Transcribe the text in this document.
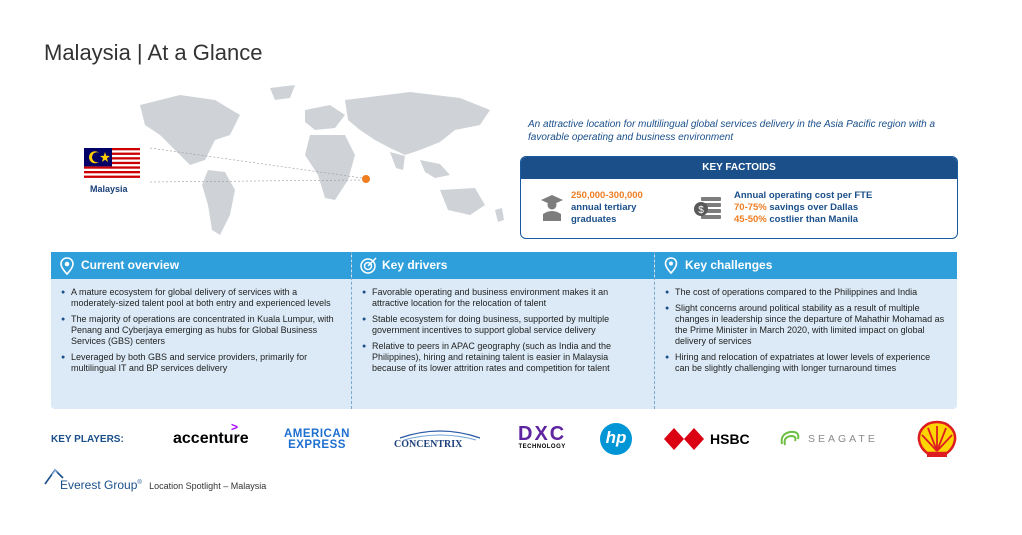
Malaysia | At a Glance
Malaysia
An attractive location for multilingual global services delivery in the Asia Pacific region with a favorable operating and business environment
KEY FACTOIDS
250,000-300,000
annual tertiary
graduates
$
Annual operating cost per FTE
70-75% savings over Dallas
45-50% costlier than Manila
Current overview
● A mature ecosystem for global delivery of services with a moderately-sized talent pool at both entry and experienced levels
● The majority of operations are concentrated in Kuala Lumpur, with Penang and Cyberjaya emerging as hubs for Global Business Services (GBS) centers
● Leveraged by both GBS and service providers, primarily for multilingual IT and BP services delivery
Key drivers
● Favorable operating and business environment makes it an attractive location for the relocation of talent
● Stable ecosystem for doing business, supported by multiple government incentives to support global service delivery
● Relative to peers in APAC geography (such as India and the Philippines), hiring and retaining talent is easier in Malaysia because of its lower attrition rates and competition for talent
Key challenges
● The cost of operations compared to the Philippines and India
● Slight concerns around political stability as a result of multiple changes in leadership since the departure of Mahathir Mohamad as the Prime Minister in March 2020, with limited impact on global delivery of services
● Hiring and relocation of expatriates at lower levels of experience can be slightly challenging with longer turnaround times
KEY PLAYERS:	accenture
>	AMERICAN
EXPRESS	CONCENTRIX	DXC
TECHNOLOGY	hp	HSBC	SEAGATE
Everest Group® Location Spotlight – Malaysia
